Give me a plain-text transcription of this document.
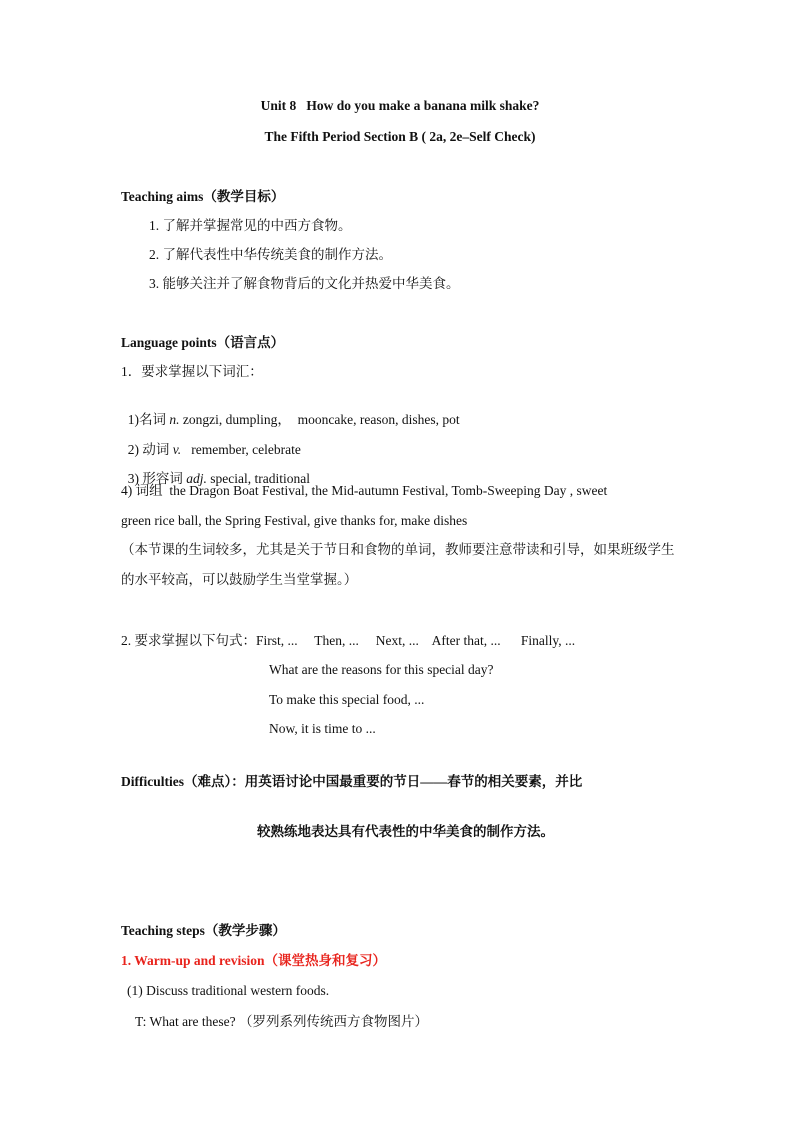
Unit 8   How do you make a banana milk shake?
The Fifth Period Section B ( 2a, 2e–Self Check)
Teaching aims（教学目标）
1. 了解并掌握常见的中西方食物。
2. 了解代表性中华传统美食的制作方法。
3. 能够关注并了解食物背后的文化并热爱中华美食。
Language points（语言点）
1．要求掌握以下词汇：

1)名词 n. zongzi, dumpling，  mooncake, reason, dishes, pot

2) 动词 v.   remember, celebrate

3) 形容词 adj. special, traditional

4) 词组  the Dragon Boat Festival, the Mid-autumn Festival, Tomb-Sweeping Day , sweet
green rice ball, the Spring Festival, give thanks for, make dishes
（本节课的生词较多，尤其是关于节日和食物的单词，教师要注意带读和引导，如果班级学生
的水平较高，可以鼓励学生当堂掌握。）
2. 要求掌握以下句式：First, ...     Then, ...     Next, ...    After that, ...      Finally, ...
What are the reasons for this special day?
To make this special food, ...
Now, it is time to ...
Difficulties（难点）：用英语讨论中国最重要的节日——春节的相关要素，并比
较熟练地表达具有代表性的中华美食的制作方法。
Teaching steps（教学步骤）
1. Warm-up and revision（课堂热身和复习）
(1) Discuss traditional western foods.
T: What are these? （罗列系列传统西方食物图片）
